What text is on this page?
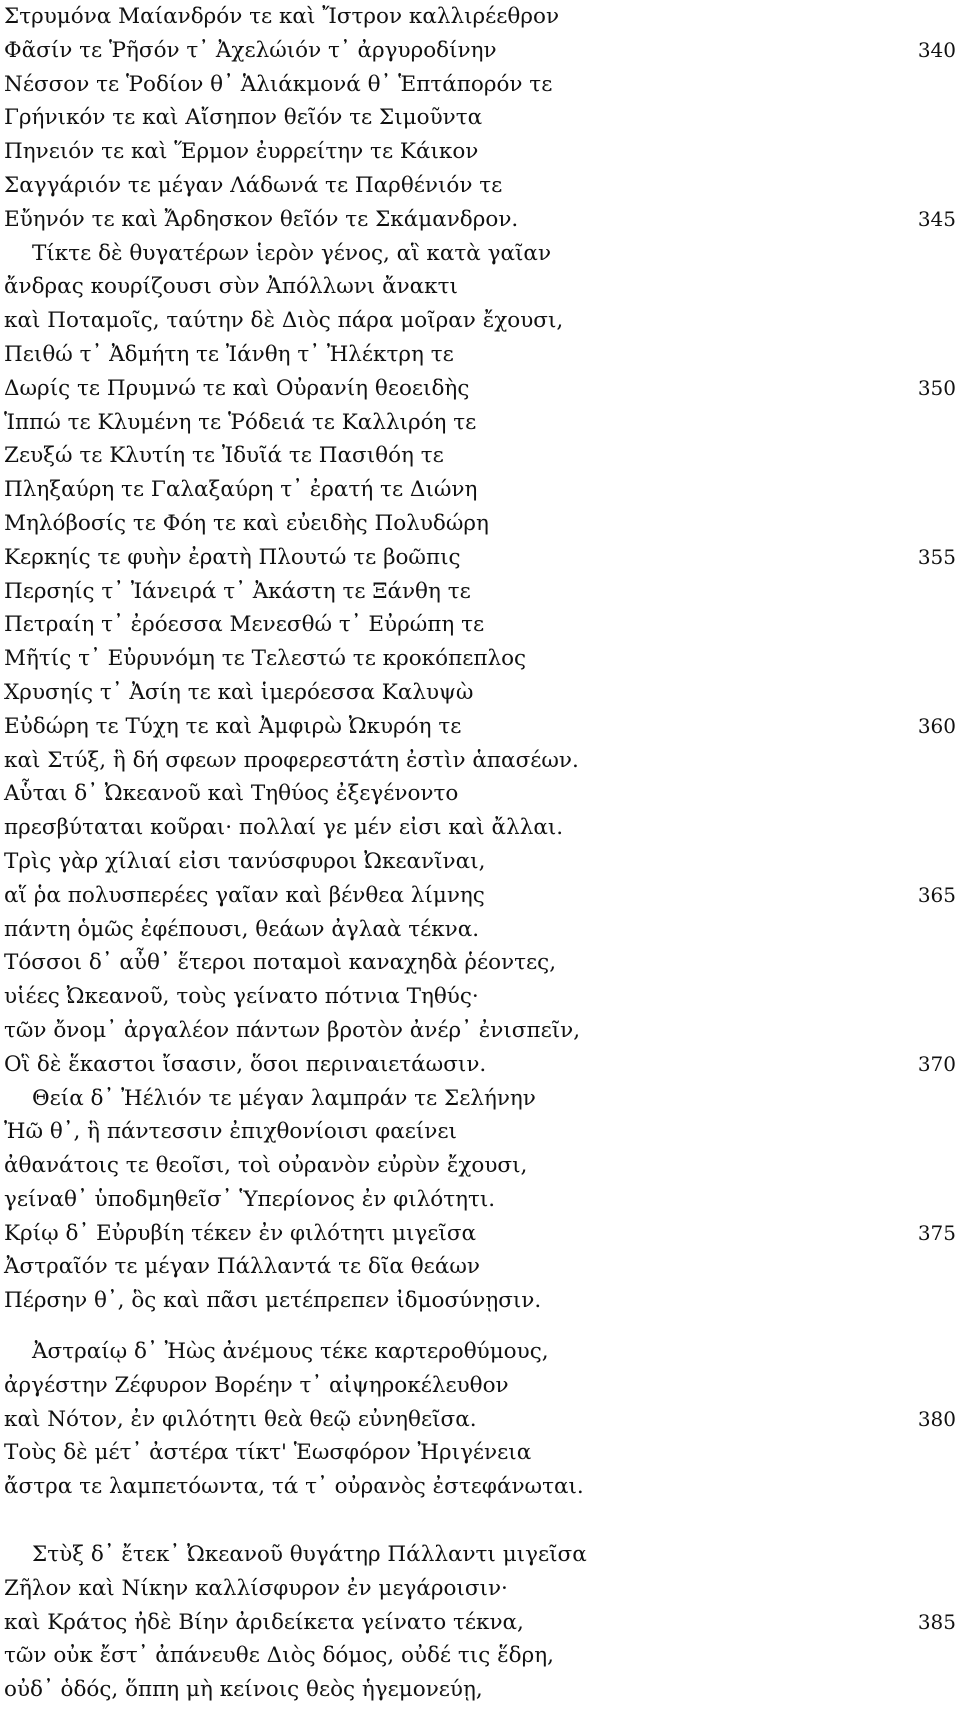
Στρυμόνα Μαίανδρόν τε καὶ Ἴστρον καλλιρέεθρον
Φᾶσίν τε Ῥῆσόν τ᾽ Ἀχελώιόν τ᾽ ἀργυροδίνην	340
Νέσσον τε Ῥοδίον θ᾽ Ἁλιάκμονά θ᾽ Ἑπτάπορόν τε
Γρήνικόν τε καὶ Αἴσηπον θεῖόν τε Σιμοῦντα
Πηνειόν τε καὶ Ἕρμον ἐυρρείτην τε Κάικον
Σαγγάριόν τε μέγαν Λάδωνά τε Παρθένιόν τε
Εὔηνόν τε καὶ Ἄρδησκον θεῖόν τε Σκάμανδρον.	345
Τίκτε δὲ θυγατέρων ἱερὸν γένος, αἳ κατὰ γαῖαν
ἄνδρας κουρίζουσι σὺν Ἀπόλλωνι ἄνακτι
καὶ Ποταμοῖς, ταύτην δὲ Διὸς πάρα μοῖραν ἔχουσι,
Πειθώ τ᾽ Ἀδμήτη τε Ἰάνθη τ᾽ Ἠλέκτρη τε
Δωρίς τε Πρυμνώ τε καὶ Οὐρανίη θεοειδὴς	350
Ἱππώ τε Κλυμένη τε Ῥόδειά τε Καλλιρόη τε
Ζευξώ τε Κλυτίη τε Ἰδυῖά τε Πασιθόη τε
Πληξαύρη τε Γαλαξαύρη τ᾽ ἐρατή τε Διώνη
Μηλόβοσίς τε Φόη τε καὶ εὐειδὴς Πολυδώρη
Κερκηίς τε φυὴν ἐρατὴ Πλουτώ τε βοῶπις	355
Περσηίς τ᾽ Ἰάνειρά τ᾽ Ἀκάστη τε Ξάνθη τε
Πετραίη τ᾽ ἐρόεσσα Μενεσθώ τ᾽ Εὐρώπη τε
Μῆτίς τ᾽ Εὐρυνόμη τε Τελεστώ τε κροκόπεπλος
Χρυσηίς τ᾽ Ἀσίη τε καὶ ἱμερόεσσα Καλυψὼ
Εὐδώρη τε Τύχη τε καὶ Ἀμφιρὼ Ὠκυρόη τε	360
καὶ Στύξ, ἣ δή σφεων προφερεστάτη ἐστὶν ἁπασέων.
Αὗται δ᾽ Ὠκεανοῦ καὶ Τηθύος ἐξεγένοντο
πρεσβύταται κοῦραι· πολλαί γε μέν εἰσι καὶ ἄλλαι.
Τρὶς γὰρ χίλιαί εἰσι τανύσφυροι Ὠκεανῖναι,
αἵ ῥα πολυσπερέες γαῖαν καὶ βένθεα λίμνης	365
πάντη ὁμῶς ἐφέπουσι, θεάων ἀγλαὰ τέκνα.
Τόσσοι δ᾽ αὖθ᾽ ἕτεροι ποταμοὶ καναχηδὰ ῥέοντες,
υἱέες Ὠκεανοῦ, τοὺς γείνατο πότνια Τηθύς·
τῶν ὄνομ᾽ ἀργαλέον πάντων βροτὸν ἀνέρ᾽ ἐνισπεῖν,
Οἳ δὲ ἕκαστοι ἴσασιν, ὅσοι περιναιετάωσιν.	370
Θεία δ᾽ Ἠέλιόν τε μέγαν λαμπράν τε Σελήνην
Ἠῶ θ᾽, ἣ πάντεσσιν ἐπιχθονίοισι φαείνει
ἀθανάτοις τε θεοῖσι, τοὶ οὐρανὸν εὐρὺν ἔχουσι,
γείναθ᾽ ὑποδμηθεῖσ᾽ Ὑπερίονος ἐν φιλότητι.
Κρίῳ δ᾽ Εὐρυβίη τέκεν ἐν φιλότητι μιγεῖσα	375
Ἀστραῖόν τε μέγαν Πάλλαντά τε δῖα θεάων
Πέρσην θ᾽, ὃς καὶ πᾶσι μετέπρεπεν ἰδμοσύνῃσιν.
Ἀστραίῳ δ᾽ Ἠὼς ἀνέμους τέκε καρτεροθύμους,
ἀργέστην Ζέφυρον Βορέην τ᾽ αἰψηροκέλευθον
καὶ Νότον, ἐν φιλότητι θεὰ θεῷ εὐνηθεῖσα.	380
Τοὺς δὲ μέτ᾽ ἀστέρα τίκτ' Ἑωσφόρον Ἠριγένεια
ἄστρα τε λαμπετόωντα, τά τ᾽ οὐρανὸς ἐστεφάνωται.
Στὺξ δ᾽ ἔτεκ᾽ Ὠκεανοῦ θυγάτηρ Πάλλαντι μιγεῖσα
Ζῆλον καὶ Νίκην καλλίσφυρον ἐν μεγάροισιν·
καὶ Κράτος ἠδὲ Βίην ἀριδείκετα γείνατο τέκνα,	385
τῶν οὐκ ἔστ᾽ ἀπάνευθε Διὸς δόμος, οὐδέ τις ἕδρη,
οὐδ᾽ ὁδός, ὅππη μὴ κείνοις θεὸς ἡγεμονεύῃ,
